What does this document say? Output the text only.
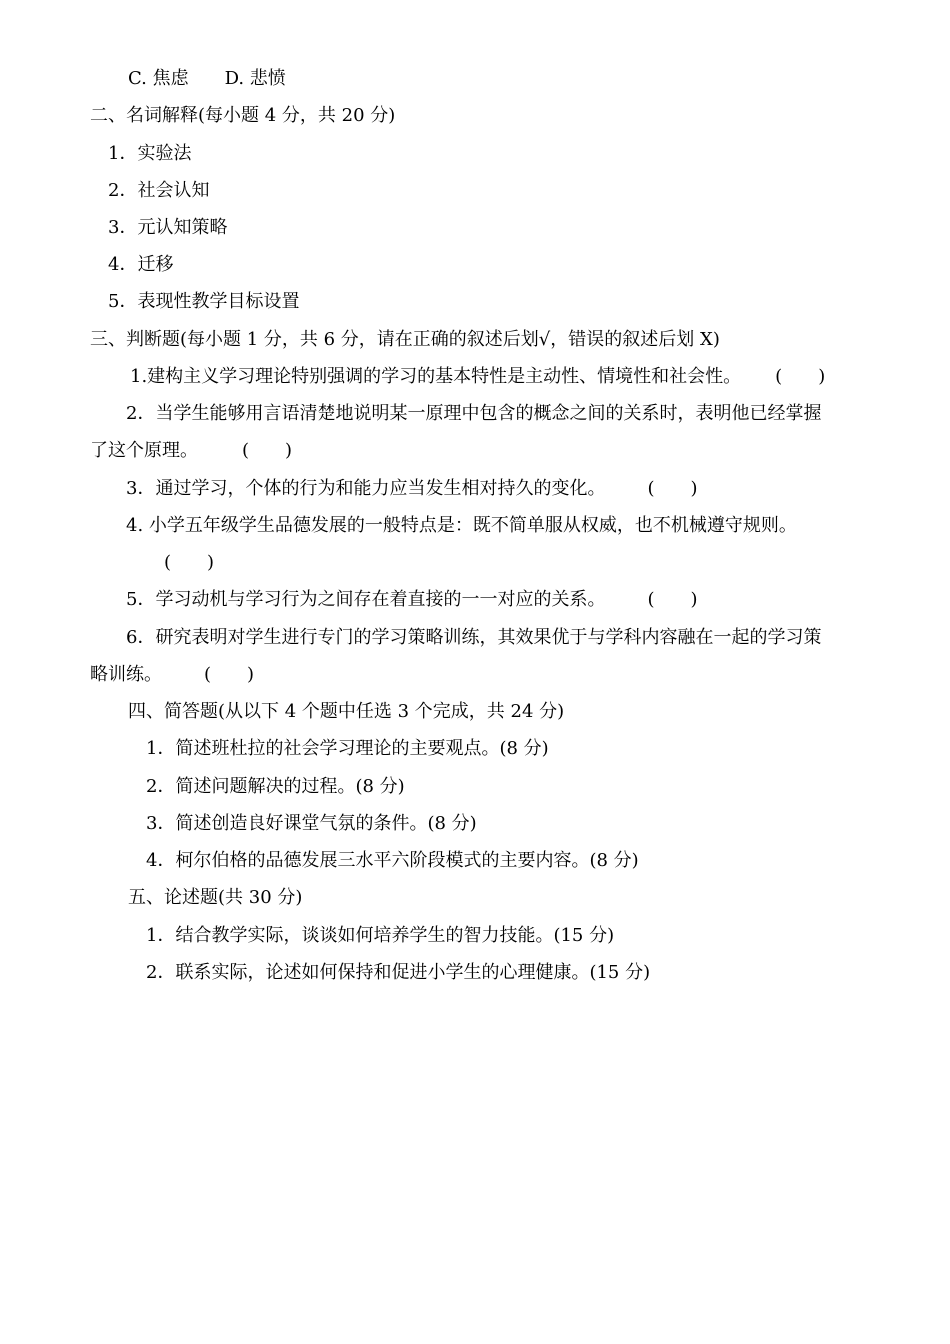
C. 焦虑 D. 悲愤
二、名词解释(每小题 4 分，共 20 分)
1．实验法
2．社会认知
3．元认知策略
4．迁移
5．表现性教学目标设置
三、判断题(每小题 1 分，共 6 分，请在正确的叙述后划√，错误的叙述后划 X)
1.建构主义学习理论特别强调的学习的基本特性是主动性、情境性和社会性。 (　　)
2．当学生能够用言语清楚地说明某一原理中包含的概念之间的关系时，表明他已经掌握
了这个原理。 (　　)
3．通过学习，个体的行为和能力应当发生相对持久的变化。 (　　)
4. 小学五年级学生品德发展的一般特点是：既不简单服从权威，也不机械遵守规则。
(　　)
5．学习动机与学习行为之间存在着直接的一一对应的关系。 (　　)
6．研究表明对学生进行专门的学习策略训练，其效果优于与学科内容融在一起的学习策
略训练。 (　　)
四、简答题(从以下 4 个题中任选 3 个完成，共 24 分)
1．简述班杜拉的社会学习理论的主要观点。(8 分)
2．简述问题解决的过程。(8 分)
3．简述创造良好课堂气氛的条件。(8 分)
4．柯尔伯格的品德发展三水平六阶段模式的主要内容。(8 分)
五、论述题(共 30 分)
1．结合教学实际，谈谈如何培养学生的智力技能。(15 分)
2．联系实际，论述如何保持和促进小学生的心理健康。(15 分)
